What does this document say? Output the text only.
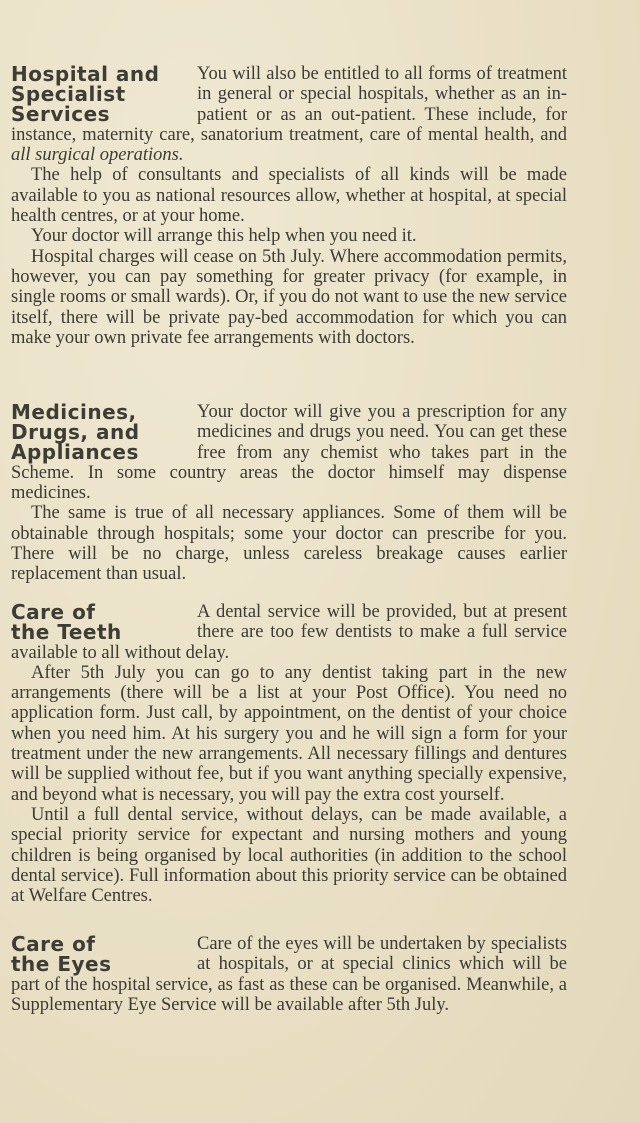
Hospital and
Specialist
Services

You will also be entitled to all forms of treatment in general or special hospitals, whether as an in-patient or as an out-patient. These include, for instance, maternity care, sanatorium treatment, care of mental health, and all surgical operations.

The help of consultants and specialists of all kinds will be made available to you as national resources allow, whether at hospital, at special health centres, or at your home.

Your doctor will arrange this help when you need it.

Hospital charges will cease on 5th July. Where accommodation permits, however, you can pay something for greater privacy (for example, in single rooms or small wards). Or, if you do not want to use the new service itself, there will be private pay-bed accommodation for which you can make your own private fee arrangements with doctors.

Medicines,
Drugs, and
Appliances

Your doctor will give you a prescription for any medicines and drugs you need. You can get these free from any chemist who takes part in the Scheme. In some country areas the doctor himself may dispense medicines.

The same is true of all necessary appliances. Some of them will be obtainable through hospitals; some your doctor can prescribe for you. There will be no charge, unless careless breakage causes earlier replacement than usual.

Care of
the Teeth

A dental service will be provided, but at present there are too few dentists to make a full service available to all without delay.

After 5th July you can go to any dentist taking part in the new arrangements (there will be a list at your Post Office). You need no application form. Just call, by appointment, on the dentist of your choice when you need him. At his surgery you and he will sign a form for your treatment under the new arrangements. All necessary fillings and dentures will be supplied without fee, but if you want anything specially expensive, and beyond what is necessary, you will pay the extra cost yourself.

Until a full dental service, without delays, can be made available, a special priority service for expectant and nursing mothers and young children is being organised by local authorities (in addition to the school dental service). Full information about this priority service can be obtained at Welfare Centres.

Care of
the Eyes

Care of the eyes will be undertaken by specialists at hospitals, or at special clinics which will be part of the hospital service, as fast as these can be organised. Meanwhile, a Supplementary Eye Service will be available after 5th July.
